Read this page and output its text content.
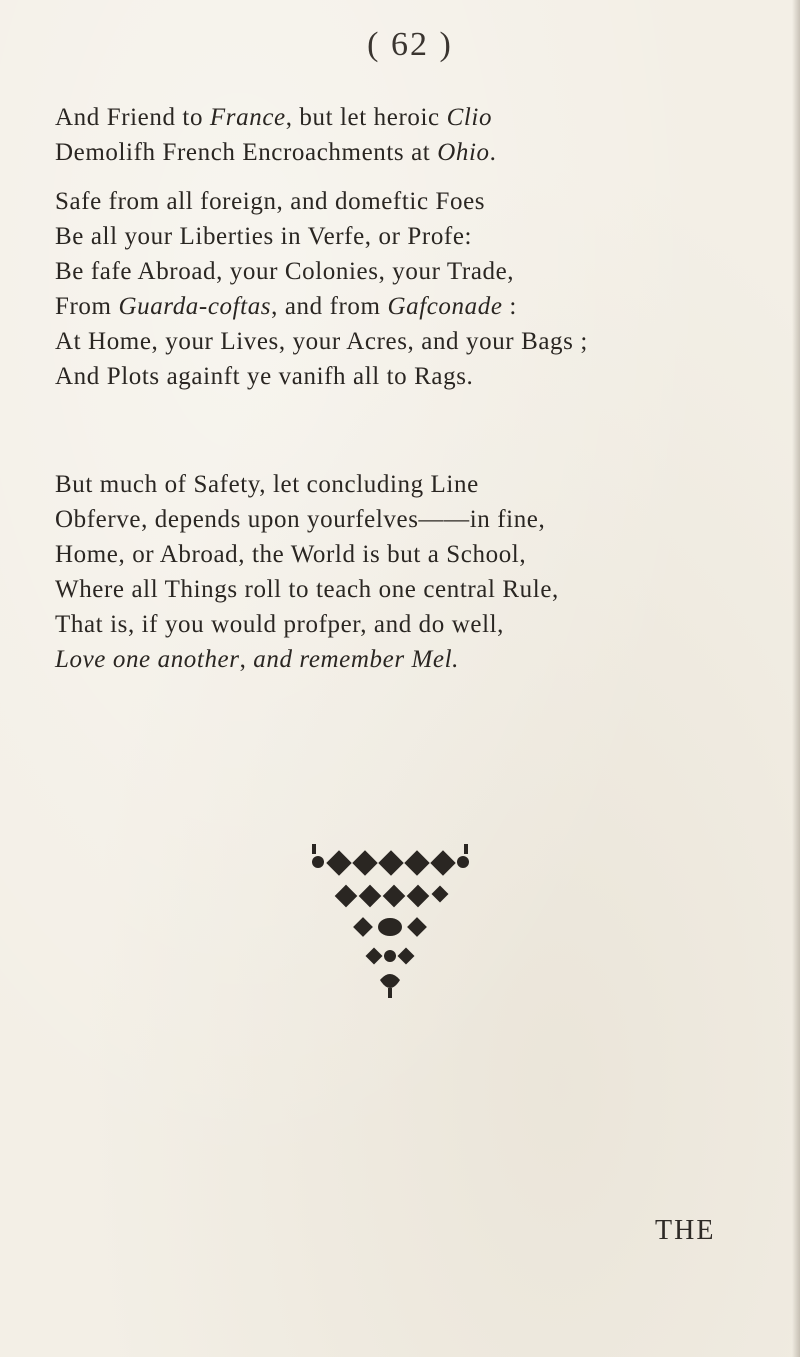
( 62 )
And Friend to France, but let heroic Clio
Demolifh French Encroachments at Ohio.
Safe from all foreign, and domeftic Foes
Be all your Liberties in Verfe, or Profe:
Be fafe Abroad, your Colonies, your Trade,
From Guarda-coftas, and from Gafconade :
At Home, your Lives, your Acres, and your Bags ;
And Plots againft ye vanifh all to Rags.
But much of Safety, let concluding Line
Obferve, depends upon yourfelves——in fine,
Home, or Abroad, the World is but a School,
Where all Things roll to teach one central Rule,
That is, if you would profper, and do well,
Love one another, and remember Mel.
THE
